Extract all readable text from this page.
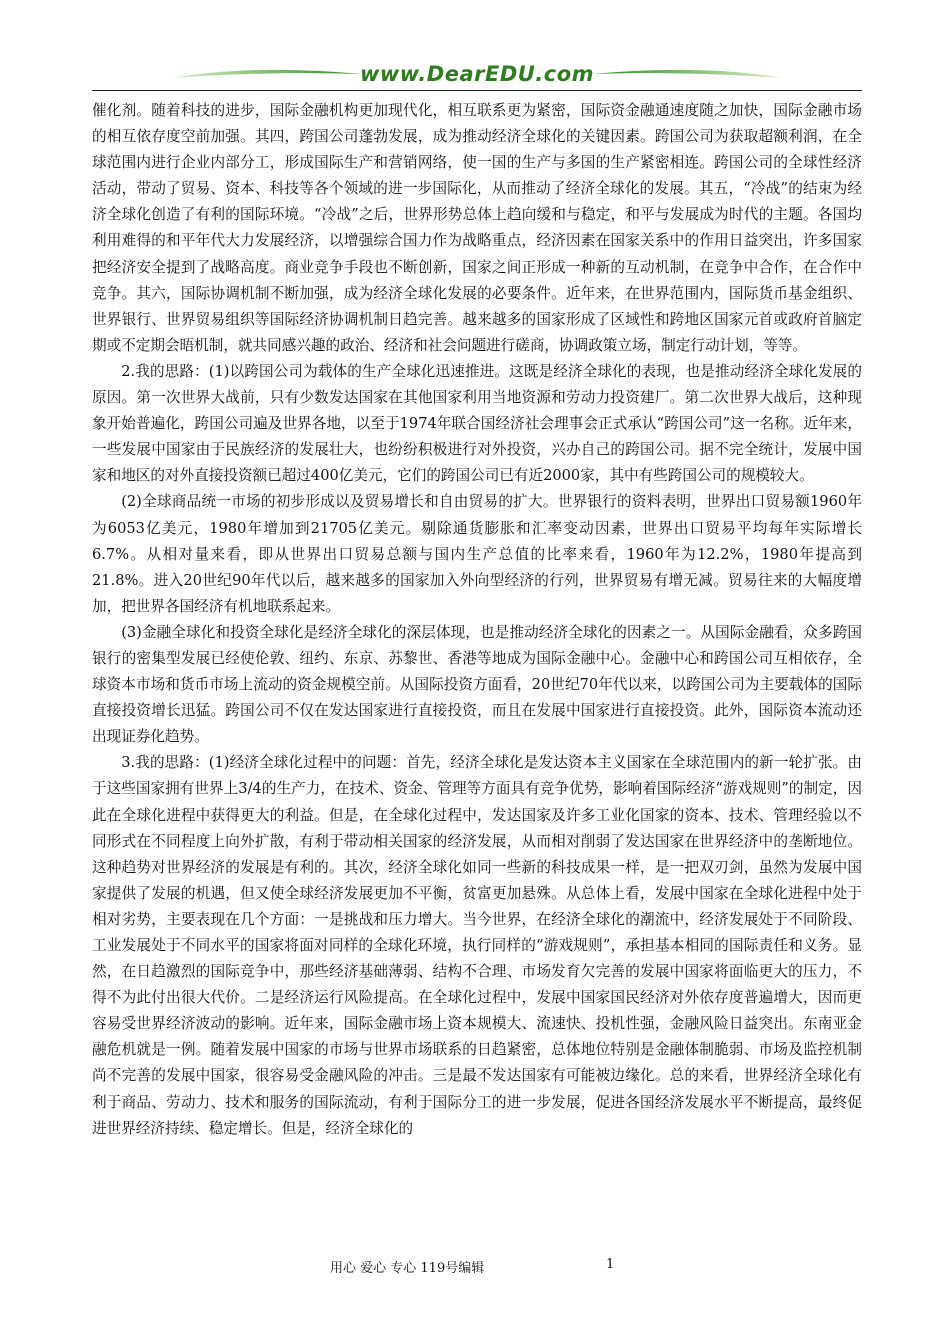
www.DearEDU.com

催化剂。随着科技的进步，国际金融机构更加现代化，相互联系更为紧密，国际资金融通速度随之加快，国际金融市场的相互依存度空前加强。其四，跨国公司蓬勃发展，成为推动经济全球化的关键因素。跨国公司为获取超额利润，在全球范围内进行企业内部分工，形成国际生产和营销网络，使一国的生产与多国的生产紧密相连。跨国公司的全球性经济活动，带动了贸易、资本、科技等各个领域的进一步国际化，从而推动了经济全球化的发展。其五，“冷战”的结束为经济全球化创造了有利的国际环境。“冷战”之后，世界形势总体上趋向缓和与稳定，和平与发展成为时代的主题。各国均利用难得的和平年代大力发展经济，以增强综合国力作为战略重点，经济因素在国家关系中的作用日益突出，许多国家把经济安全提到了战略高度。商业竞争手段也不断创新，国家之间正形成一种新的互动机制，在竞争中合作，在合作中竞争。其六，国际协调机制不断加强，成为经济全球化发展的必要条件。近年来，在世界范围内，国际货币基金组织、世界银行、世界贸易组织等国际经济协调机制日趋完善。越来越多的国家形成了区域性和跨地区国家元首或政府首脑定期或不定期会晤机制，就共同感兴趣的政治、经济和社会问题进行磋商，协调政策立场，制定行动计划，等等。

2.我的思路：(1)以跨国公司为载体的生产全球化迅速推进。这既是经济全球化的表现，也是推动经济全球化发展的原因。第一次世界大战前，只有少数发达国家在其他国家利用当地资源和劳动力投资建厂。第二次世界大战后，这种现象开始普遍化，跨国公司遍及世界各地，以至于1974年联合国经济社会理事会正式承认“跨国公司”这一名称。近年来，一些发展中国家由于民族经济的发展壮大，也纷纷积极进行对外投资，兴办自己的跨国公司。据不完全统计，发展中国家和地区的对外直接投资额已超过400亿美元，它们的跨国公司已有近2000家，其中有些跨国公司的规模较大。

(2)全球商品统一市场的初步形成以及贸易增长和自由贸易的扩大。世界银行的资料表明，世界出口贸易额1960年为6053亿美元，1980年增加到21705亿美元。剔除通货膨胀和汇率变动因素，世界出口贸易平均每年实际增长6.7%。从相对量来看，即从世界出口贸易总额与国内生产总值的比率来看，1960年为12.2%，1980年提高到21.8%。进入20世纪90年代以后，越来越多的国家加入外向型经济的行列，世界贸易有增无减。贸易往来的大幅度增加，把世界各国经济有机地联系起来。

(3)金融全球化和投资全球化是经济全球化的深层体现，也是推动经济全球化的因素之一。从国际金融看，众多跨国银行的密集型发展已经使伦敦、纽约、东京、苏黎世、香港等地成为国际金融中心。金融中心和跨国公司互相依存，全球资本市场和货币市场上流动的资金规模空前。从国际投资方面看，20世纪70年代以来，以跨国公司为主要载体的国际直接投资增长迅猛。跨国公司不仅在发达国家进行直接投资，而且在发展中国家进行直接投资。此外，国际资本流动还出现证券化趋势。

3.我的思路：(1)经济全球化过程中的问题：首先，经济全球化是发达资本主义国家在全球范围内的新一轮扩张。由于这些国家拥有世界上3/4的生产力，在技术、资金、管理等方面具有竞争优势，影响着国际经济“游戏规则”的制定，因此在全球化进程中获得更大的利益。但是，在全球化过程中，发达国家及许多工业化国家的资本、技术、管理经验以不同形式在不同程度上向外扩散，有利于带动相关国家的经济发展，从而相对削弱了发达国家在世界经济中的垄断地位。这种趋势对世界经济的发展是有利的。其次，经济全球化如同一些新的科技成果一样，是一把双刃剑，虽然为发展中国家提供了发展的机遇，但又使全球经济发展更加不平衡，贫富更加悬殊。从总体上看，发展中国家在全球化进程中处于相对劣势，主要表现在几个方面：一是挑战和压力增大。当今世界，在经济全球化的潮流中，经济发展处于不同阶段、工业发展处于不同水平的国家将面对同样的全球化环境，执行同样的“游戏规则”，承担基本相同的国际责任和义务。显然，在日趋激烈的国际竞争中，那些经济基础薄弱、结构不合理、市场发育欠完善的发展中国家将面临更大的压力，不得不为此付出很大代价。二是经济运行风险提高。在全球化过程中，发展中国家国民经济对外依存度普遍增大，因而更容易受世界经济波动的影响。近年来，国际金融市场上资本规模大、流速快、投机性强，金融风险日益突出。东南亚金融危机就是一例。随着发展中国家的市场与世界市场联系的日趋紧密，总体地位特别是金融体制脆弱、市场及监控机制尚不完善的发展中国家，很容易受金融风险的冲击。三是最不发达国家有可能被边缘化。总的来看，世界经济全球化有利于商品、劳动力、技术和服务的国际流动，有利于国际分工的进一步发展，促进各国经济发展水平不断提高，最终促进世界经济持续、稳定增长。但是，经济全球化的

用心 爱心 专心 119号编辑	1
